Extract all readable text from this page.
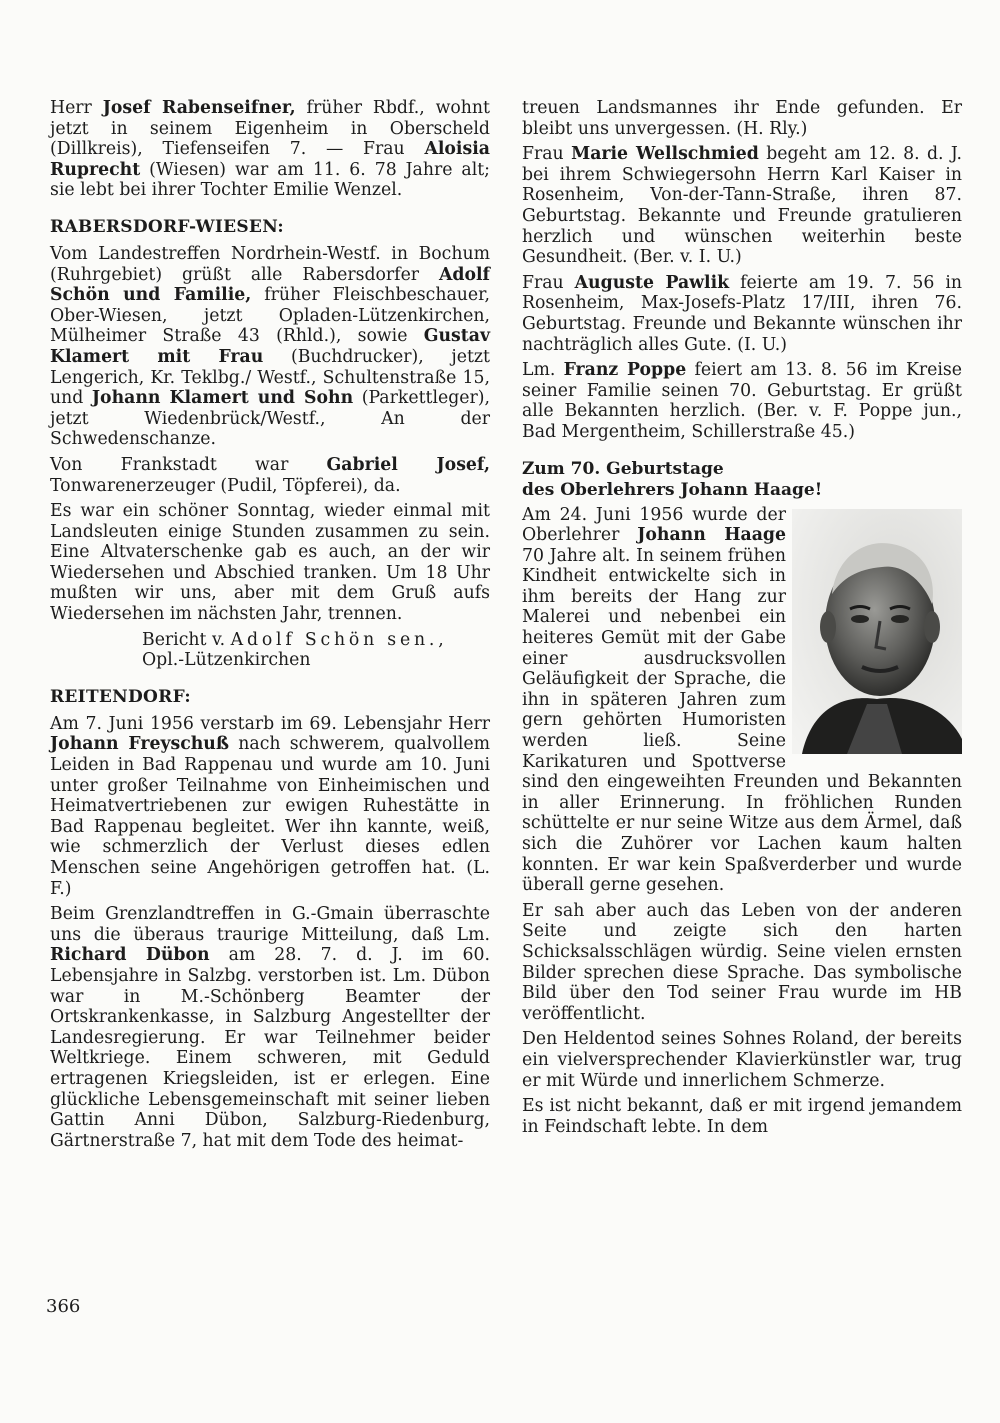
Herr Josef Rabenseifner, früher Rbdf., wohnt jetzt in seinem Eigenheim in Oberscheld (Dillkreis), Tiefenseifen 7. — Frau Aloisia Ruprecht (Wiesen) war am 11. 6. 78 Jahre alt; sie lebt bei ihrer Tochter Emilie Wenzel.

RABERSDORF-WIESEN:

Vom Landestreffen Nordrhein-Westf. in Bochum (Ruhrgebiet) grüßt alle Rabersdorfer Adolf Schön und Familie, früher Fleischbeschauer, Ober-Wiesen, jetzt Opladen-Lützenkirchen, Mülheimer Straße 43 (Rhld.), sowie Gustav Klamert mit Frau (Buchdrucker), jetzt Lengerich, Kr. Teklbg./ Westf., Schultenstraße 15, und Johann Klamert und Sohn (Parkettleger), jetzt Wiedenbrück/Westf., An der Schwedenschanze.

Von Frankstadt war Gabriel Josef, Tonwarenerzeuger (Pudil, Töpferei), da.

Es war ein schöner Sonntag, wieder einmal mit Landsleuten einige Stunden zusammen zu sein. Eine Altvaterschenke gab es auch, an der wir Wiedersehen und Abschied tranken. Um 18 Uhr mußten wir uns, aber mit dem Gruß aufs Wiedersehen im nächsten Jahr, trennen.

Bericht v. Adolf Schön sen.,

Opl.-Lützenkirchen

REITENDORF:

Am 7. Juni 1956 verstarb im 69. Lebensjahr Herr Johann Freyschuß nach schwerem, qualvollem Leiden in Bad Rappenau und wurde am 10. Juni unter großer Teilnahme von Einheimischen und Heimatvertriebenen zur ewigen Ruhestätte in Bad Rappenau begleitet. Wer ihn kannte, weiß, wie schmerzlich der Verlust dieses edlen Menschen seine Angehörigen getroffen hat. (L. F.)

Beim Grenzlandtreffen in G.-Gmain überraschte uns die überaus traurige Mitteilung, daß Lm. Richard Dübon am 28. 7. d. J. im 60. Lebensjahre in Salzbg. verstorben ist. Lm. Dübon war in M.-Schönberg Beamter der Ortskrankenkasse, in Salzburg Angestellter der Landesregierung. Er war Teilnehmer beider Weltkriege. Einem schweren, mit Geduld ertragenen Kriegsleiden, ist er erlegen. Eine glückliche Lebensgemeinschaft mit seiner lieben Gattin Anni Dübon, Salzburg-Riedenburg, Gärtnerstraße 7, hat mit dem Tode des heimat-

treuen Landsmannes ihr Ende gefunden. Er bleibt uns unvergessen. (H. Rly.)

Frau Marie Wellschmied begeht am 12. 8. d. J. bei ihrem Schwiegersohn Herrn Karl Kaiser in Rosenheim, Von-der-Tann-Straße, ihren 87. Geburtstag. Bekannte und Freunde gratulieren herzlich und wünschen weiterhin beste Gesundheit. (Ber. v. I. U.)

Frau Auguste Pawlik feierte am 19. 7. 56 in Rosenheim, Max-Josefs-Platz 17/III, ihren 76. Geburtstag. Freunde und Bekannte wünschen ihr nachträglich alles Gute. (I. U.)

Lm. Franz Poppe feiert am 13. 8. 56 im Kreise seiner Familie seinen 70. Geburtstag. Er grüßt alle Bekannten herzlich. (Ber. v. F. Poppe jun., Bad Mergentheim, Schillerstraße 45.)

Zum 70. Geburtstage
des Oberlehrers Johann Haage!

Am 24. Juni 1956 wurde der Oberlehrer Johann Haage 70 Jahre alt. In seinem frühen Kindheit entwickelte sich in ihm bereits der Hang zur Malerei und nebenbei ein heiteres Gemüt mit der Gabe einer ausdrucksvollen Geläufigkeit der Sprache, die ihn in späteren Jahren zum gern gehörten Humoristen werden ließ. Seine Karikaturen und Spottverse sind den eingeweihten Freunden und Bekannten in aller Erinnerung. In fröhlichen Runden schüttelte er nur seine Witze aus dem Ärmel, daß sich die Zuhörer vor Lachen kaum halten konnten. Er war kein Spaßverderber und wurde überall gerne gesehen.

Er sah aber auch das Leben von der anderen Seite und zeigte sich den harten Schicksalsschlägen würdig. Seine vielen ernsten Bilder sprechen diese Sprache. Das symbolische Bild über den Tod seiner Frau wurde im HB veröffentlicht.

Den Heldentod seines Sohnes Roland, der bereits ein vielversprechender Klavierkünstler war, trug er mit Würde und innerlichem Schmerze.

Es ist nicht bekannt, daß er mit irgend jemandem in Feindschaft lebte. In dem

366
